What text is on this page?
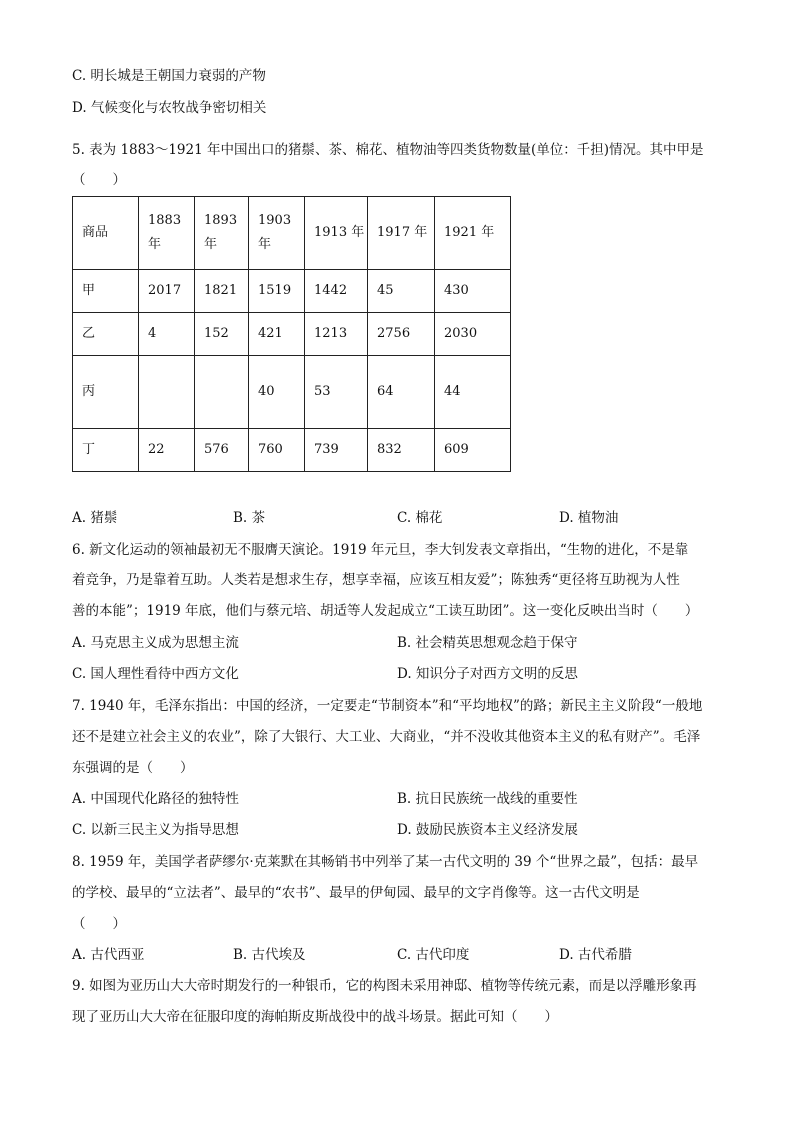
C. 明长城是王朝国力衰弱的产物
D. 气候变化与农牧战争密切相关
5. 表为 1883～1921 年中国出口的猪鬃、茶、棉花、植物油等四类货物数量(单位：千担)情况。其中甲是
（　　）
商品	1883 年	1893 年	1903 年	1913 年	1917 年	1921 年
甲	2017	1821	1519	1442	45	430
乙	4	152	421	1213	2756	2030
丙			40	53	64	44
丁	22	576	760	739	832	609
A. 猪鬃	B. 茶	C. 棉花	D. 植物油
6. 新文化运动的领袖最初无不服膺天演论。1919 年元旦，李大钊发表文章指出，“生物的进化，不是靠
着竞争，乃是靠着互助。人类若是想求生存，想享幸福，应该互相友爱”；陈独秀“更径将互助视为人性
善的本能”；1919 年底，他们与蔡元培、胡适等人发起成立“工读互助团”。这一变化反映出当时（　　）
A. 马克思主义成为思想主流	B. 社会精英思想观念趋于保守
C. 国人理性看待中西方文化	D. 知识分子对西方文明的反思
7. 1940 年，毛泽东指出：中国的经济，一定要走“节制资本”和“平均地权”的路；新民主主义阶段“一般地
还不是建立社会主义的农业”，除了大银行、大工业、大商业，“并不没收其他资本主义的私有财产”。毛泽
东强调的是（　　）
A. 中国现代化路径的独特性	B. 抗日民族统一战线的重要性
C. 以新三民主义为指导思想	D. 鼓励民族资本主义经济发展
8. 1959 年，美国学者萨缪尔·克莱默在其畅销书中列举了某一古代文明的 39 个“世界之最”，包括：最早
的学校、最早的“立法者”、最早的“农书”、最早的伊甸园、最早的文字肖像等。这一古代文明是
（　　）
A. 古代西亚	B. 古代埃及	C. 古代印度	D. 古代希腊
9. 如图为亚历山大大帝时期发行的一种银币，它的构图未采用神邸、植物等传统元素，而是以浮雕形象再
现了亚历山大大帝在征服印度的海帕斯皮斯战役中的战斗场景。据此可知（　　）
